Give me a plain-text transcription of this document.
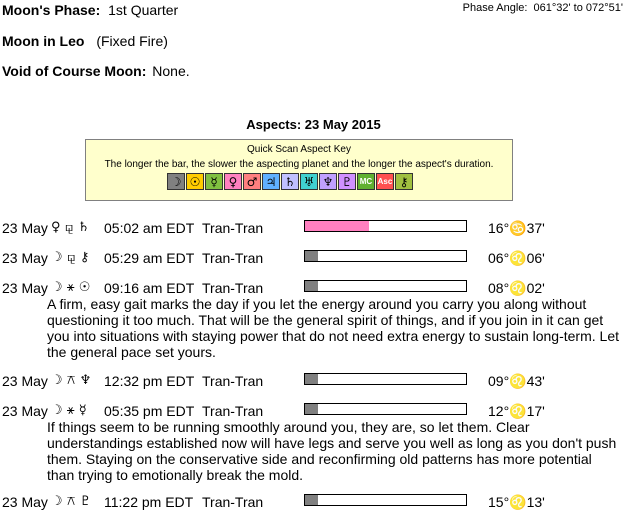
Moon's Phase: 1st Quarter	Phase Angle: 061°32' to 072°51'
Moon in Leo (Fixed Fire)
Void of Course Moon: None.
Aspects: 23 May 2015
Quick Scan Aspect Key
The longer the bar, the slower the aspecting planet and the longer the aspect's duration.
☽ ☉ ☿ ♀ ♂ ♃ ♄ ♅ ♆ ♇ MC Asc ⚷
23 May ♀ ⚼ ♄ 05:02 am EDT Tran-Tran	16°♋37'
23 May ☽ ⚼ ⚷ 05:29 am EDT Tran-Tran	06°♌06'
23 May ☽ ⚹ ☉ 09:16 am EDT Tran-Tran	08°♌02'
A firm, easy gait marks the day if you let the energy around you carry you along without questioning it too much. That will be the general spirit of things, and if you join in it can get you into situations with staying power that do not need extra energy to sustain long-term. Let the general pace set yours.
23 May ☽ ⚻ ♆ 12:32 pm EDT Tran-Tran	09°♌43'
23 May ☽ ⚹ ☿ 05:35 pm EDT Tran-Tran	12°♌17'
If things seem to be running smoothly around you, they are, so let them. Clear understandings established now will have legs and serve you well as long as you don't push them. Staying on the conservative side and reconfirming old patterns has more potential than trying to emotionally break the mold.
23 May ☽ ⚻ ♇ 11:22 pm EDT Tran-Tran	15°♌13'
